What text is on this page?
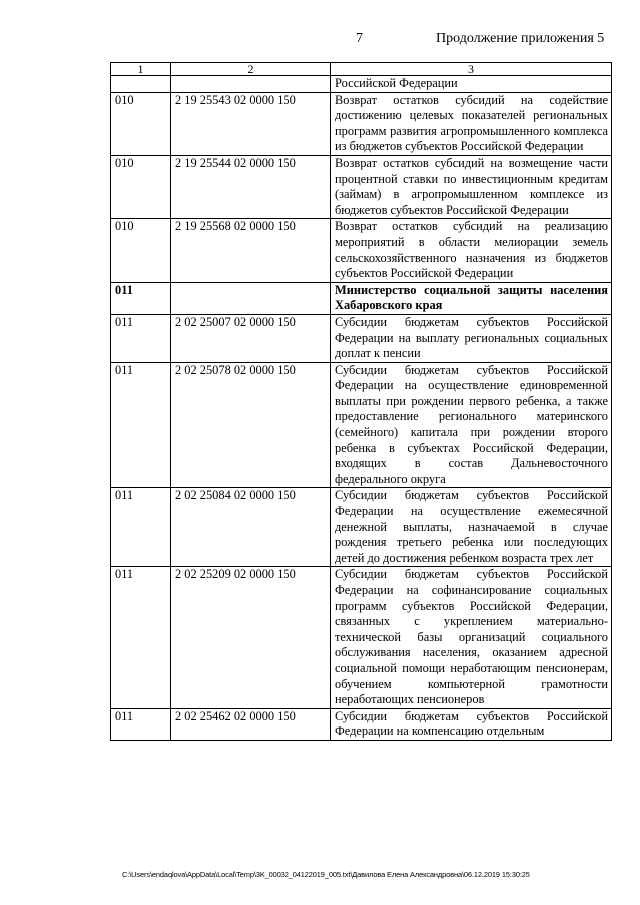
7	Продолжение приложения 5
1	2	3
		Российской Федерации
010	2 19 25543 02 0000 150	Возврат остатков субсидий на содействие достижению целевых показателей региональных программ развития агропромышленного комплекса из бюджетов субъектов Российской Федерации
010	2 19 25544 02 0000 150	Возврат остатков субсидий на возмещение части процентной ставки по инвестиционным кредитам (займам) в агропромышленном комплексе из бюджетов субъектов Российской Федерации
010	2 19 25568 02 0000 150	Возврат остатков субсидий на реализацию мероприятий в области мелиорации земель сельскохозяйственного назначения из бюджетов субъектов Российской Федерации
011		Министерство социальной защиты населения Хабаровского края
011	2 02 25007 02 0000 150	Субсидии бюджетам субъектов Российской Федерации на выплату региональных социальных доплат к пенсии
011	2 02 25078 02 0000 150	Субсидии бюджетам субъектов Российской Федерации на осуществление единовременной выплаты при рождении первого ребенка, а также предоставление регионального материнского (семейного) капитала при рождении второго ребенка в субъектах Российской Федерации, входящих в состав Дальневосточного федерального округа
011	2 02 25084 02 0000 150	Субсидии бюджетам субъектов Российской Федерации на осуществление ежемесячной денежной выплаты, назначаемой в случае рождения третьего ребенка или последующих детей до достижения ребенком возраста трех лет
011	2 02 25209 02 0000 150	Субсидии бюджетам субъектов Российской Федерации на софинансирование социальных программ субъектов Российской Федерации, связанных с укреплением материально-технической базы организаций социального обслуживания населения, оказанием адресной социальной помощи неработающим пенсионерам, обучением компьютерной грамотности неработающих пенсионеров
011	2 02 25462 02 0000 150	Субсидии бюджетам субъектов Российской Федерации на компенсацию отдельным
C:\Users\endaqlova\AppData\Local\Temp\3K_00032_04122019_005.txt\Давилова Елена Александровна\06.12.2019 15:30:25
